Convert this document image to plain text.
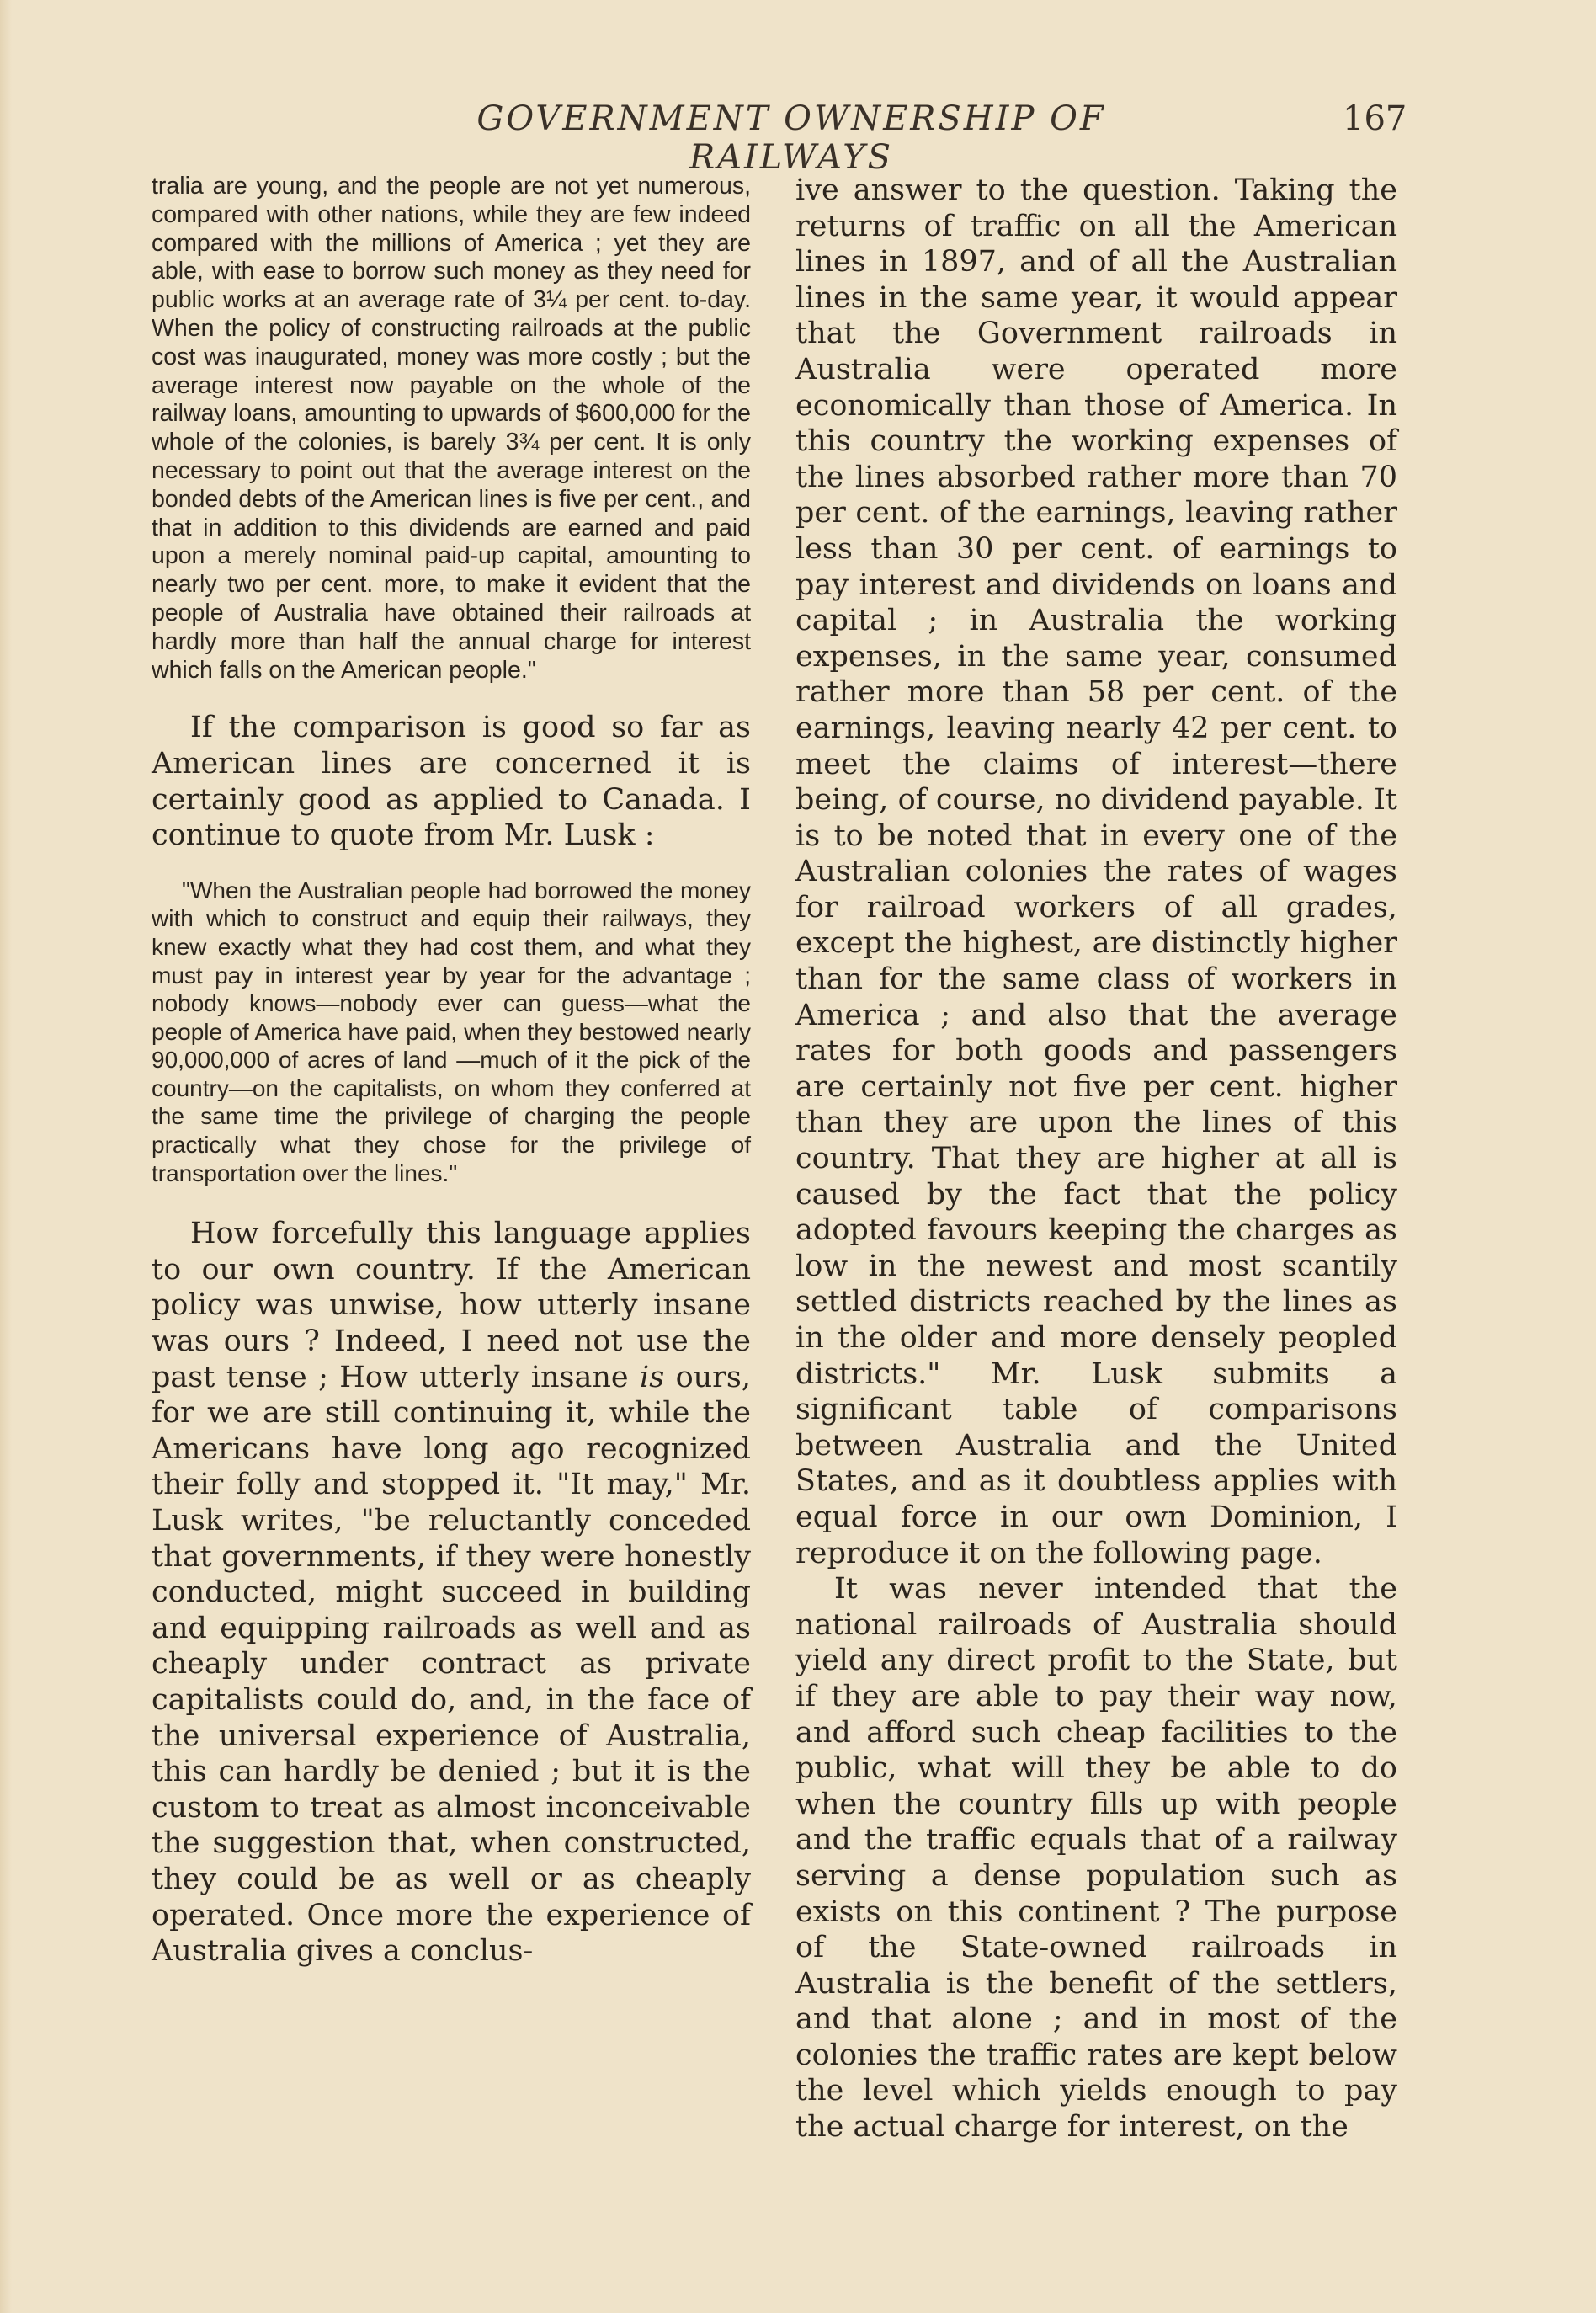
GOVERNMENT OWNERSHIP OF RAILWAYS
167

tralia are young, and the people are not yet numerous, compared with other nations, while they are few indeed compared with the millions of America ; yet they are able, with ease to borrow such money as they need for public works at an average rate of 3¼ per cent. to-day. When the policy of constructing railroads at the public cost was inaugurated, money was more costly ; but the average interest now payable on the whole of the railway loans, amounting to upwards of $600,000 for the whole of the colonies, is barely 3¾ per cent. It is only necessary to point out that the average interest on the bonded debts of the American lines is five per cent., and that in addition to this dividends are earned and paid upon a merely nominal paid-up capital, amounting to nearly two per cent. more, to make it evident that the people of Australia have obtained their railroads at hardly more than half the annual charge for interest which falls on the American people."

If the comparison is good so far as American lines are concerned it is certainly good as applied to Canada. I continue to quote from Mr. Lusk :

"When the Australian people had borrowed the money with which to construct and equip their railways, they knew exactly what they had cost them, and what they must pay in interest year by year for the advantage ; nobody knows—nobody ever can guess—what the people of America have paid, when they bestowed nearly 90,000,000 of acres of land —much of it the pick of the country—on the capitalists, on whom they conferred at the same time the privilege of charging the people practically what they chose for the privilege of transportation over the lines."

How forcefully this language applies to our own country. If the American policy was unwise, how utterly insane was ours ? Indeed, I need not use the past tense ; How utterly insane is ours, for we are still continuing it, while the Americans have long ago recognized their folly and stopped it. "It may," Mr. Lusk writes, "be reluctantly conceded that governments, if they were honestly conducted, might succeed in building and equipping railroads as well and as cheaply under contract as private capitalists could do, and, in the face of the universal experience of Australia, this can hardly be denied ; but it is the custom to treat as almost inconceivable the suggestion that, when constructed, they could be as well or as cheaply operated. Once more the experience of Australia gives a conclus-

ive answer to the question. Taking the returns of traffic on all the American lines in 1897, and of all the Australian lines in the same year, it would appear that the Government railroads in Australia were operated more economically than those of America. In this country the working expenses of the lines absorbed rather more than 70 per cent. of the earnings, leaving rather less than 30 per cent. of earnings to pay interest and dividends on loans and capital ; in Australia the working expenses, in the same year, consumed rather more than 58 per cent. of the earnings, leaving nearly 42 per cent. to meet the claims of interest—there being, of course, no dividend payable. It is to be noted that in every one of the Australian colonies the rates of wages for railroad workers of all grades, except the highest, are distinctly higher than for the same class of workers in America ; and also that the average rates for both goods and passengers are certainly not five per cent. higher than they are upon the lines of this country. That they are higher at all is caused by the fact that the policy adopted favours keeping the charges as low in the newest and most scantily settled districts reached by the lines as in the older and more densely peopled districts." Mr. Lusk submits a significant table of comparisons between Australia and the United States, and as it doubtless applies with equal force in our own Dominion, I reproduce it on the following page.

It was never intended that the national railroads of Australia should yield any direct profit to the State, but if they are able to pay their way now, and afford such cheap facilities to the public, what will they be able to do when the country fills up with people and the traffic equals that of a railway serving a dense population such as exists on this continent ? The purpose of the State-owned railroads in Australia is the benefit of the settlers, and that alone ; and in most of the colonies the traffic rates are kept below the level which yields enough to pay the actual charge for interest, on the
